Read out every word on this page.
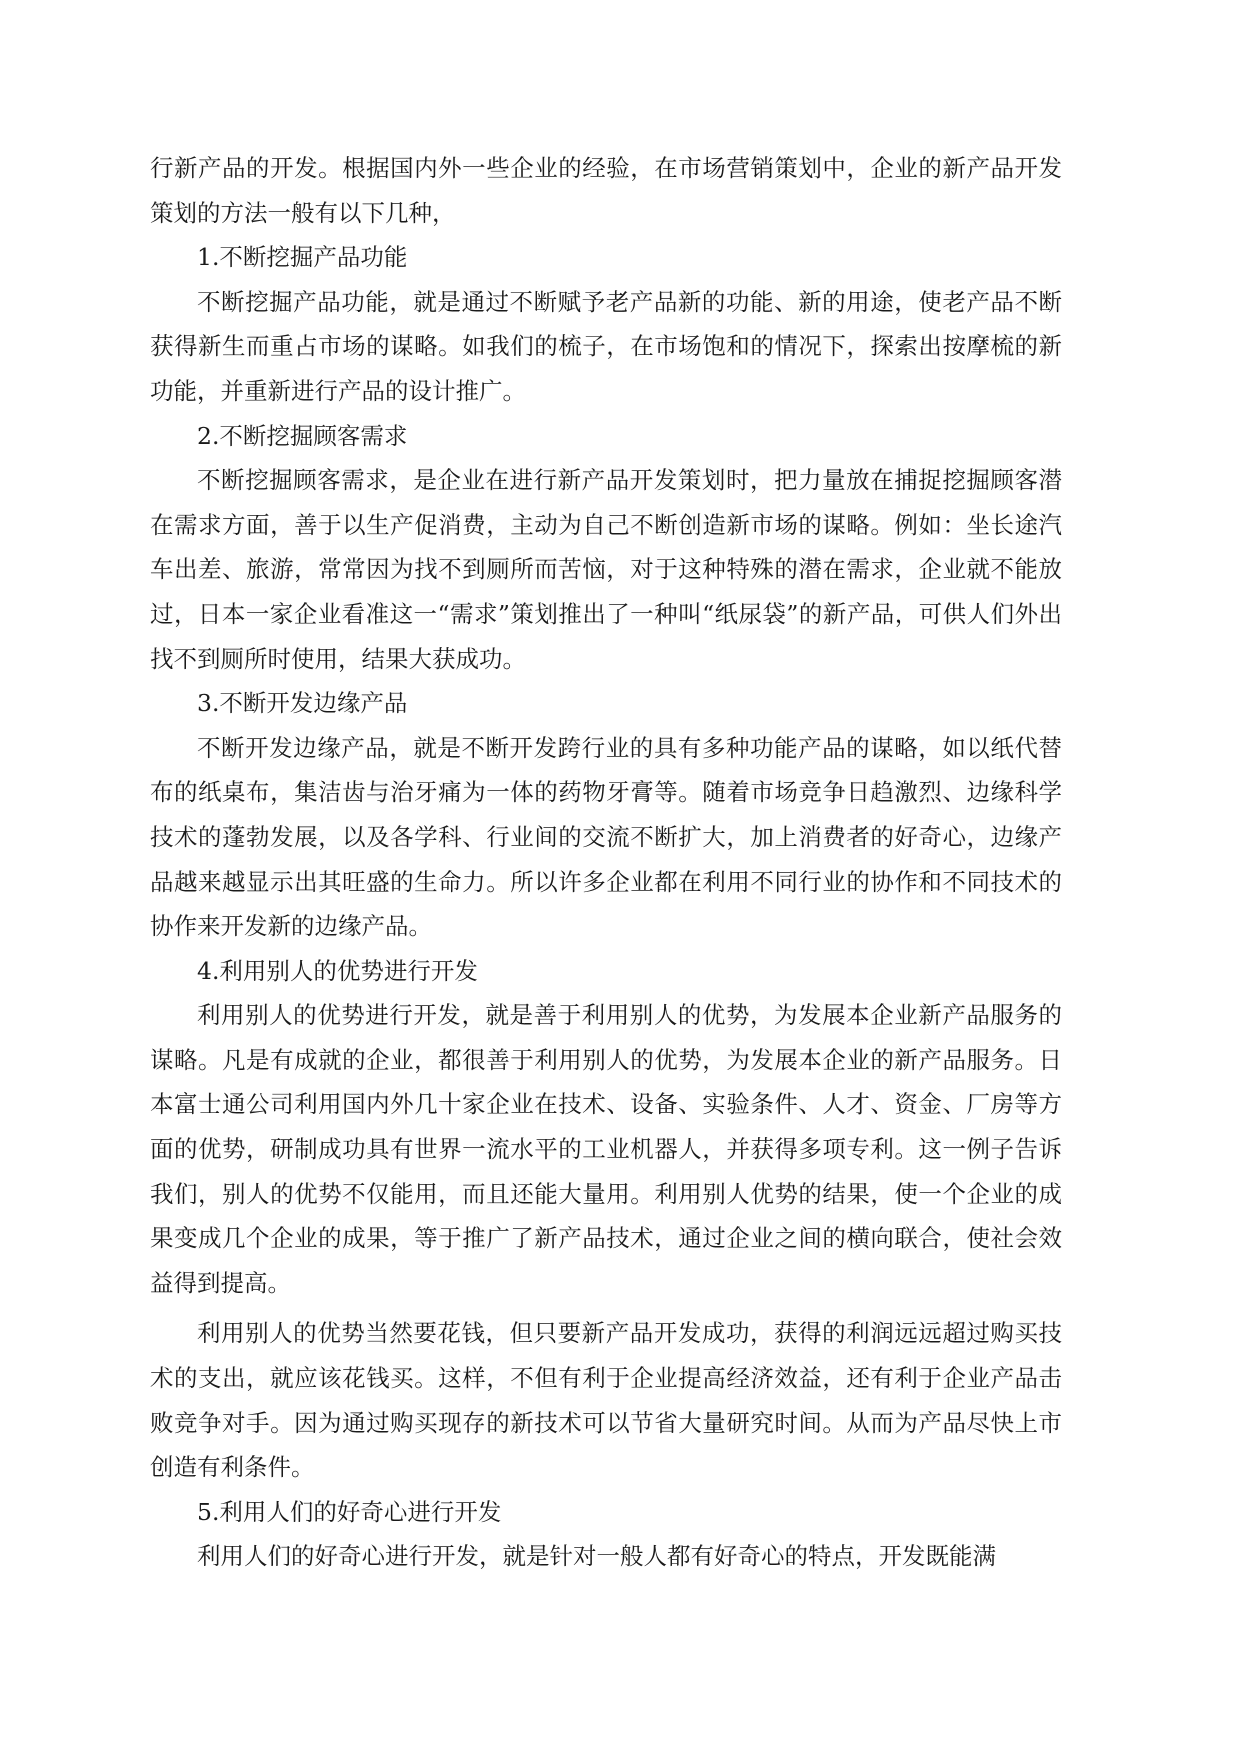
行新产品的开发。根据国内外一些企业的经验，在市场营销策划中，企业的新产品开发策划的方法一般有以下几种，

1.不断挖掘产品功能

不断挖掘产品功能，就是通过不断赋予老产品新的功能、新的用途，使老产品不断获得新生而重占市场的谋略。如我们的梳子，在市场饱和的情况下，探索出按摩梳的新功能，并重新进行产品的设计推广。

2.不断挖掘顾客需求

不断挖掘顾客需求，是企业在进行新产品开发策划时，把力量放在捕捉挖掘顾客潜在需求方面，善于以生产促消费，主动为自己不断创造新市场的谋略。例如：坐长途汽车出差、旅游，常常因为找不到厕所而苦恼，对于这种特殊的潜在需求，企业就不能放过，日本一家企业看准这一“需求”策划推出了一种叫“纸尿袋”的新产品，可供人们外出找不到厕所时使用，结果大获成功。

3.不断开发边缘产品

不断开发边缘产品，就是不断开发跨行业的具有多种功能产品的谋略，如以纸代替布的纸桌布，集洁齿与治牙痛为一体的药物牙膏等。随着市场竞争日趋激烈、边缘科学技术的蓬勃发展，以及各学科、行业间的交流不断扩大，加上消费者的好奇心，边缘产品越来越显示出其旺盛的生命力。所以许多企业都在利用不同行业的协作和不同技术的协作来开发新的边缘产品。

4.利用别人的优势进行开发

利用别人的优势进行开发，就是善于利用别人的优势，为发展本企业新产品服务的谋略。凡是有成就的企业，都很善于利用别人的优势，为发展本企业的新产品服务。日本富士通公司利用国内外几十家企业在技术、设备、实验条件、人才、资金、厂房等方面的优势，研制成功具有世界一流水平的工业机器人，并获得多项专利。这一例子告诉我们，别人的优势不仅能用，而且还能大量用。利用别人优势的结果，使一个企业的成果变成几个企业的成果，等于推广了新产品技术，通过企业之间的横向联合，使社会效益得到提高。

利用别人的优势当然要花钱，但只要新产品开发成功，获得的利润远远超过购买技术的支出，就应该花钱买。这样，不但有利于企业提高经济效益，还有利于企业产品击败竞争对手。因为通过购买现存的新技术可以节省大量研究时间。从而为产品尽快上市创造有利条件。

5.利用人们的好奇心进行开发

利用人们的好奇心进行开发，就是针对一般人都有好奇心的特点，开发既能满
